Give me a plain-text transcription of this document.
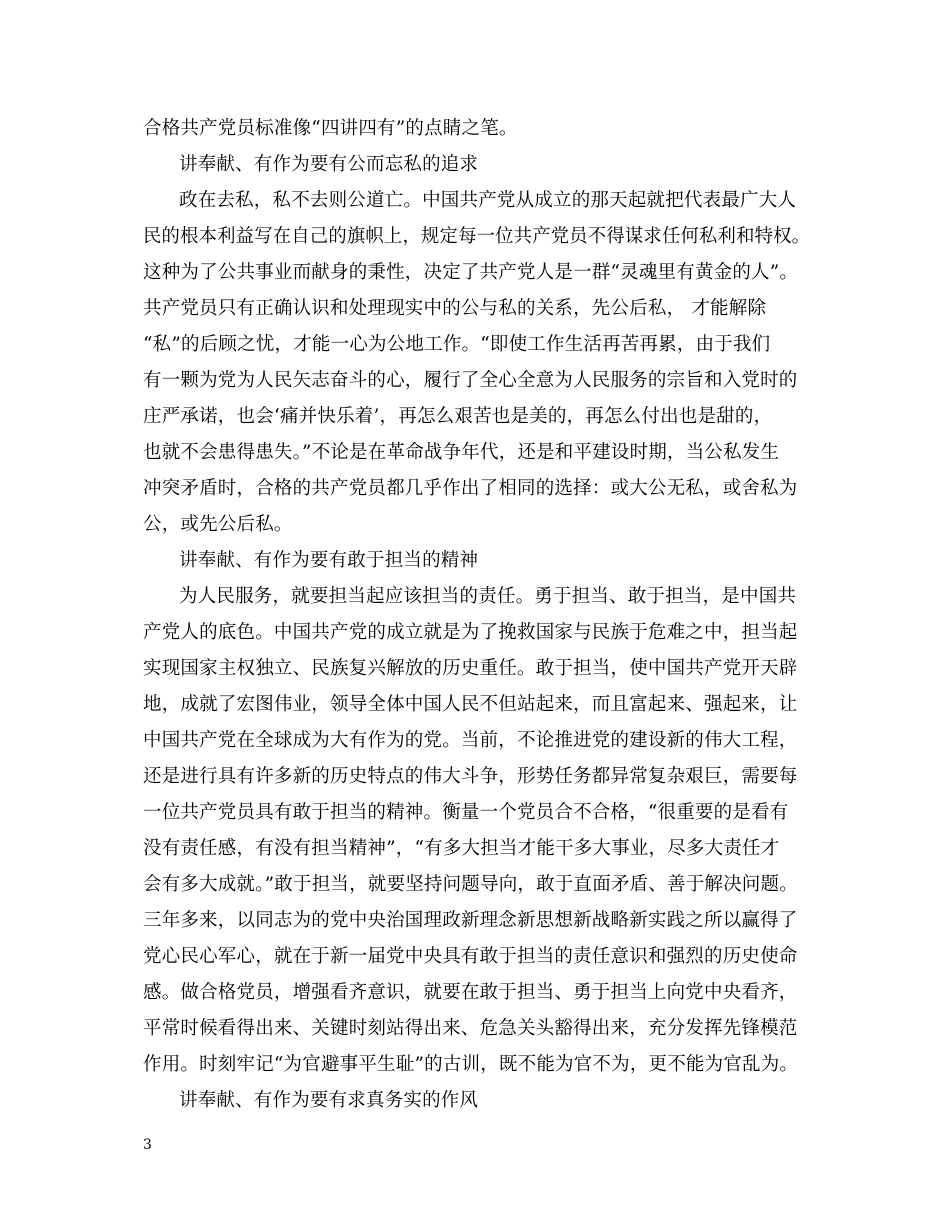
合格共产党员标准像“四讲四有”的点睛之笔。
讲奉献、有作为要有公而忘私的追求
政在去私，私不去则公道亡。中国共产党从成立的那天起就把代表最广大人
民的根本利益写在自己的旗帜上，规定每一位共产党员不得谋求任何私利和特权。
这种为了公共事业而献身的秉性，决定了共产党人是一群“灵魂里有黄金的人”。
共产党员只有正确认识和处理现实中的公与私的关系，先公后私， 才能解除
“私”的后顾之忧，才能一心为公地工作。“即使工作生活再苦再累，由于我们
有一颗为党为人民矢志奋斗的心，履行了全心全意为人民服务的宗旨和入党时的
庄严承诺，也会‘痛并快乐着’，再怎么艰苦也是美的，再怎么付出也是甜的，
也就不会患得患失。”不论是在革命战争年代，还是和平建设时期，当公私发生
冲突矛盾时，合格的共产党员都几乎作出了相同的选择：或大公无私，或舍私为
公，或先公后私。
讲奉献、有作为要有敢于担当的精神
为人民服务，就要担当起应该担当的责任。勇于担当、敢于担当，是中国共
产党人的底色。中国共产党的成立就是为了挽救国家与民族于危难之中，担当起
实现国家主权独立、民族复兴解放的历史重任。敢于担当，使中国共产党开天辟
地，成就了宏图伟业，领导全体中国人民不但站起来，而且富起来、强起来，让
中国共产党在全球成为大有作为的党。当前，不论推进党的建设新的伟大工程，
还是进行具有许多新的历史特点的伟大斗争，形势任务都异常复杂艰巨，需要每
一位共产党员具有敢于担当的精神。衡量一个党员合不合格，“很重要的是看有
没有责任感，有没有担当精神”，“有多大担当才能干多大事业，尽多大责任才
会有多大成就。”敢于担当，就要坚持问题导向，敢于直面矛盾、善于解决问题。
三年多来，以同志为的党中央治国理政新理念新思想新战略新实践之所以赢得了
党心民心军心，就在于新一届党中央具有敢于担当的责任意识和强烈的历史使命
感。做合格党员，增强看齐意识，就要在敢于担当、勇于担当上向党中央看齐，
平常时候看得出来、关键时刻站得出来、危急关头豁得出来，充分发挥先锋模范
作用。时刻牢记“为官避事平生耻”的古训，既不能为官不为，更不能为官乱为。
讲奉献、有作为要有求真务实的作风
3
